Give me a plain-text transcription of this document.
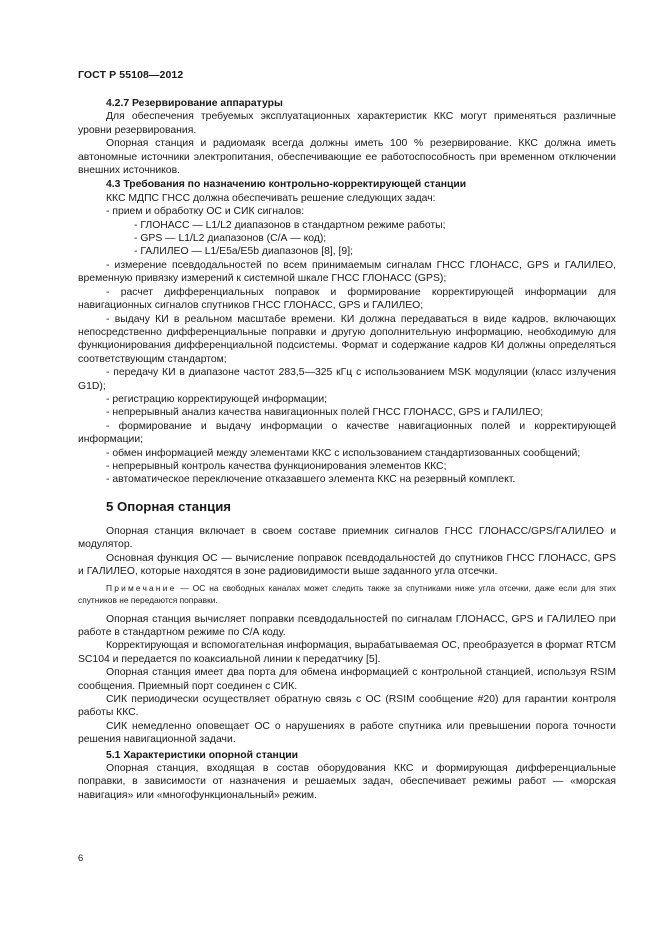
ГОСТ Р 55108—2012

4.2.7 Резервирование аппаратуры

Для обеспечения требуемых эксплуатационных характеристик ККС могут применяться различные уровни резервирования.

Опорная станция и радиомаяк всегда должны иметь 100 % резервирование. ККС должна иметь автономные источники электропитания, обеспечивающие ее работоспособность при временном отключении внешних источников.

4.3 Требования по назначению контрольно-корректирующей станции

ККС МДПС ГНСС должна обеспечивать решение следующих задач:

- прием и обработку ОС и СИК сигналов:

- ГЛОНАСС — L1/L2 диапазонов в стандартном режиме работы;

- GPS — L1/L2 диапазонов (С/А — код);

- ГАЛИЛЕО — L1/E5a/E5b диапазонов [8], [9];

- измерение псевдодальностей по всем принимаемым сигналам ГНСС ГЛОНАСС, GPS и ГАЛИЛЕО, временную привязку измерений к системной шкале ГНСС ГЛОНАСС (GPS);

- расчет дифференциальных поправок и формирование корректирующей информации для навигационных сигналов спутников ГНСС ГЛОНАСС, GPS и ГАЛИЛЕО;

- выдачу КИ в реальном масштабе времени. КИ должна передаваться в виде кадров, включающих непосредственно дифференциальные поправки и другую дополнительную информацию, необходимую для функционирования дифференциальной подсистемы. Формат и содержание кадров КИ должны определяться соответствующим стандартом;

- передачу КИ в диапазоне частот 283,5—325 кГц с использованием MSK модуляции (класс излучения G1D);

- регистрацию корректирующей информации;

- непрерывный анализ качества навигационных полей ГНСС ГЛОНАСС, GPS и ГАЛИЛЕО;

- формирование и выдачу информации о качестве навигационных полей и корректирующей информации;

- обмен информацией между элементами ККС с использованием стандартизованных сообщений;

- непрерывный контроль качества функционирования элементов ККС;

- автоматическое переключение отказавшего элемента ККС на резервный комплект.

5 Опорная станция

Опорная станция включает в своем составе приемник сигналов ГНСС ГЛОНАСС/GPS/ГАЛИЛЕО и модулятор.

Основная функция ОС — вычисление поправок псевдодальностей до спутников ГНСС ГЛОНАСС, GPS и ГАЛИЛЕО, которые находятся в зоне радиовидимости выше заданного угла отсечки.

Примечание — ОС на свободных каналах может следить также за спутниками ниже угла отсечки, даже если для этих спутников не передаются поправки.

Опорная станция вычисляет поправки псевдодальностей по сигналам ГЛОНАСС, GPS и ГАЛИЛЕО при работе в стандартном режиме по С/А коду.

Корректирующая и вспомогательная информация, вырабатываемая ОС, преобразуется в формат RTCM SC104 и передается по коаксиальной линии к передатчику [5].

Опорная станция имеет два порта для обмена информацией с контрольной станцией, используя RSIM сообщения. Приемный порт соединен с СИК.

СИК периодически осуществляет обратную связь с ОС (RSIM сообщение #20) для гарантии контроля работы ККС.

СИК немедленно оповещает ОС о нарушениях в работе спутника или превышении порога точности решения навигационной задачи.

5.1 Характеристики опорной станции

Опорная станция, входящая в состав оборудования ККС и формирующая дифференциальные поправки, в зависимости от назначения и решаемых задач, обеспечивает режимы работ — «морская навигация» или «многофункциональный» режим.

6
